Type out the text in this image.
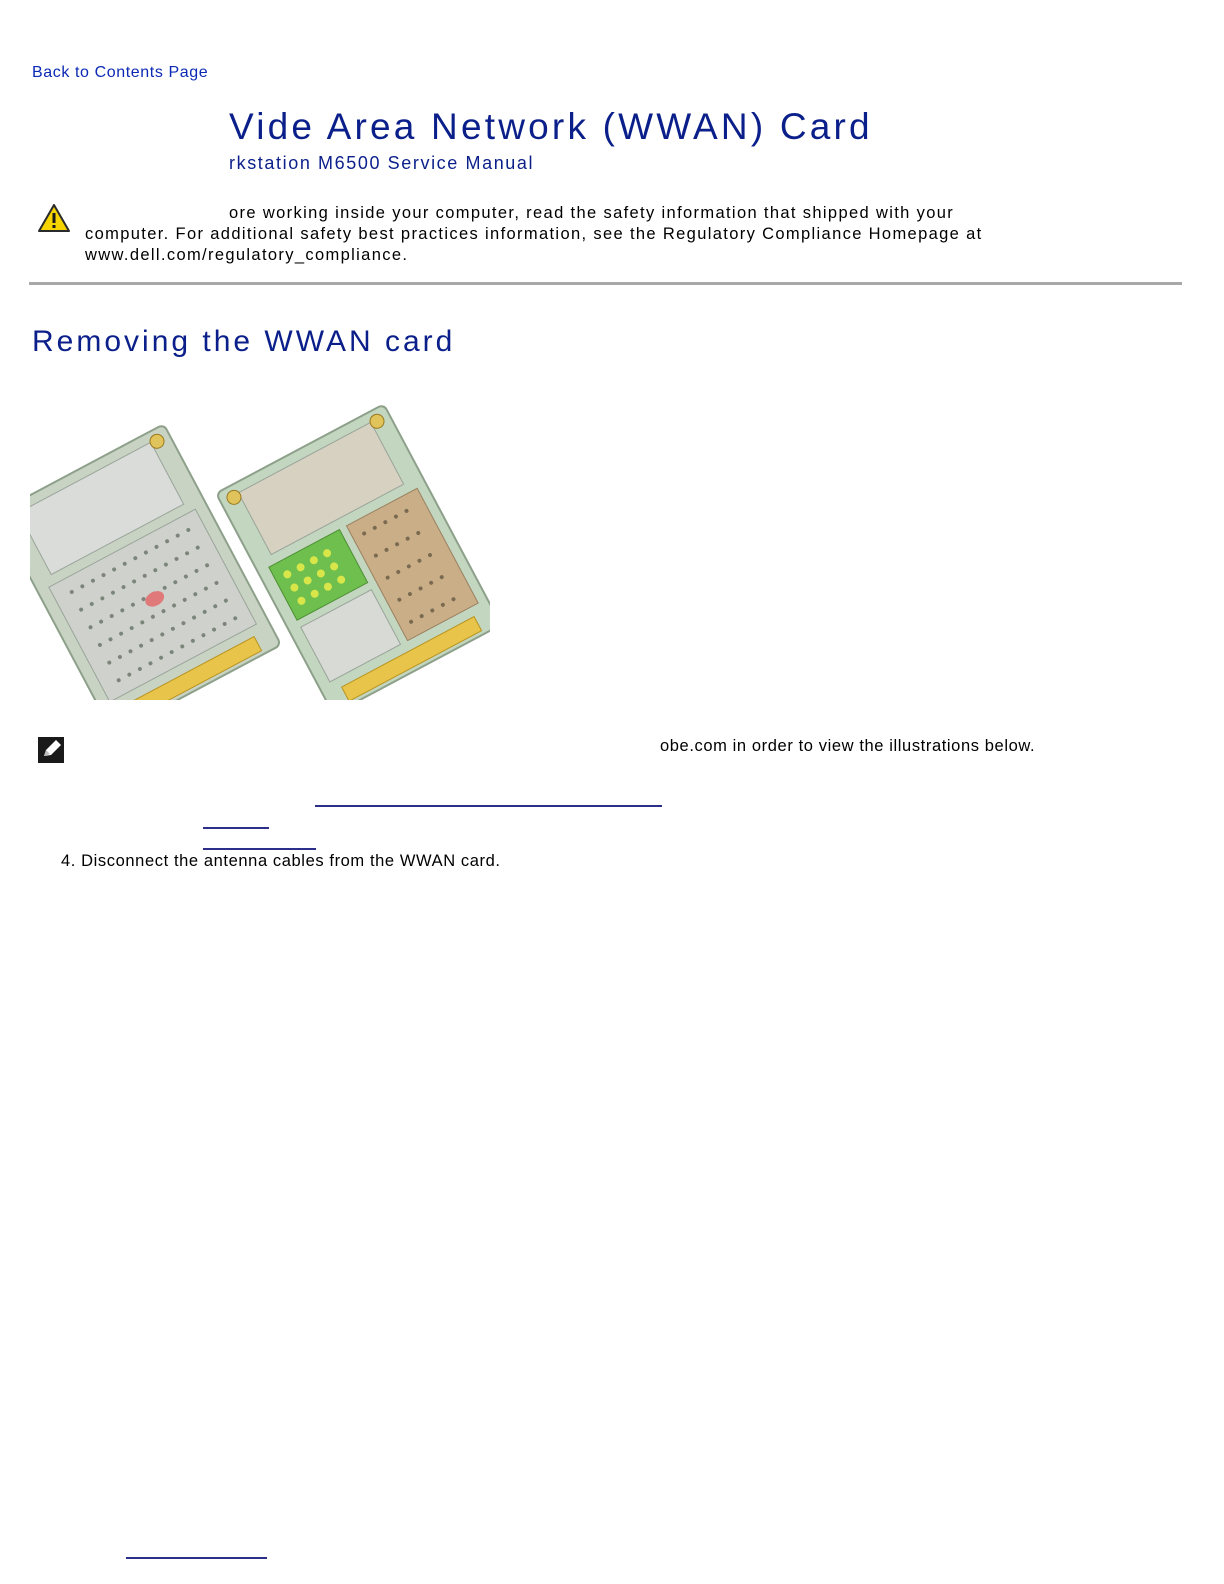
Back to Contents Page
Vide Area Network (WWAN) Card
rkstation M6500 Service Manual
ore working inside your computer, read the safety information that shipped with your
computer. For additional safety best practices information, see the Regulatory Compliance Homepage at
www.dell.com/regulatory_compliance.
Removing the WWAN card
obe.com in order to view the illustrations below.
4. Disconnect the antenna cables from the WWAN card.
